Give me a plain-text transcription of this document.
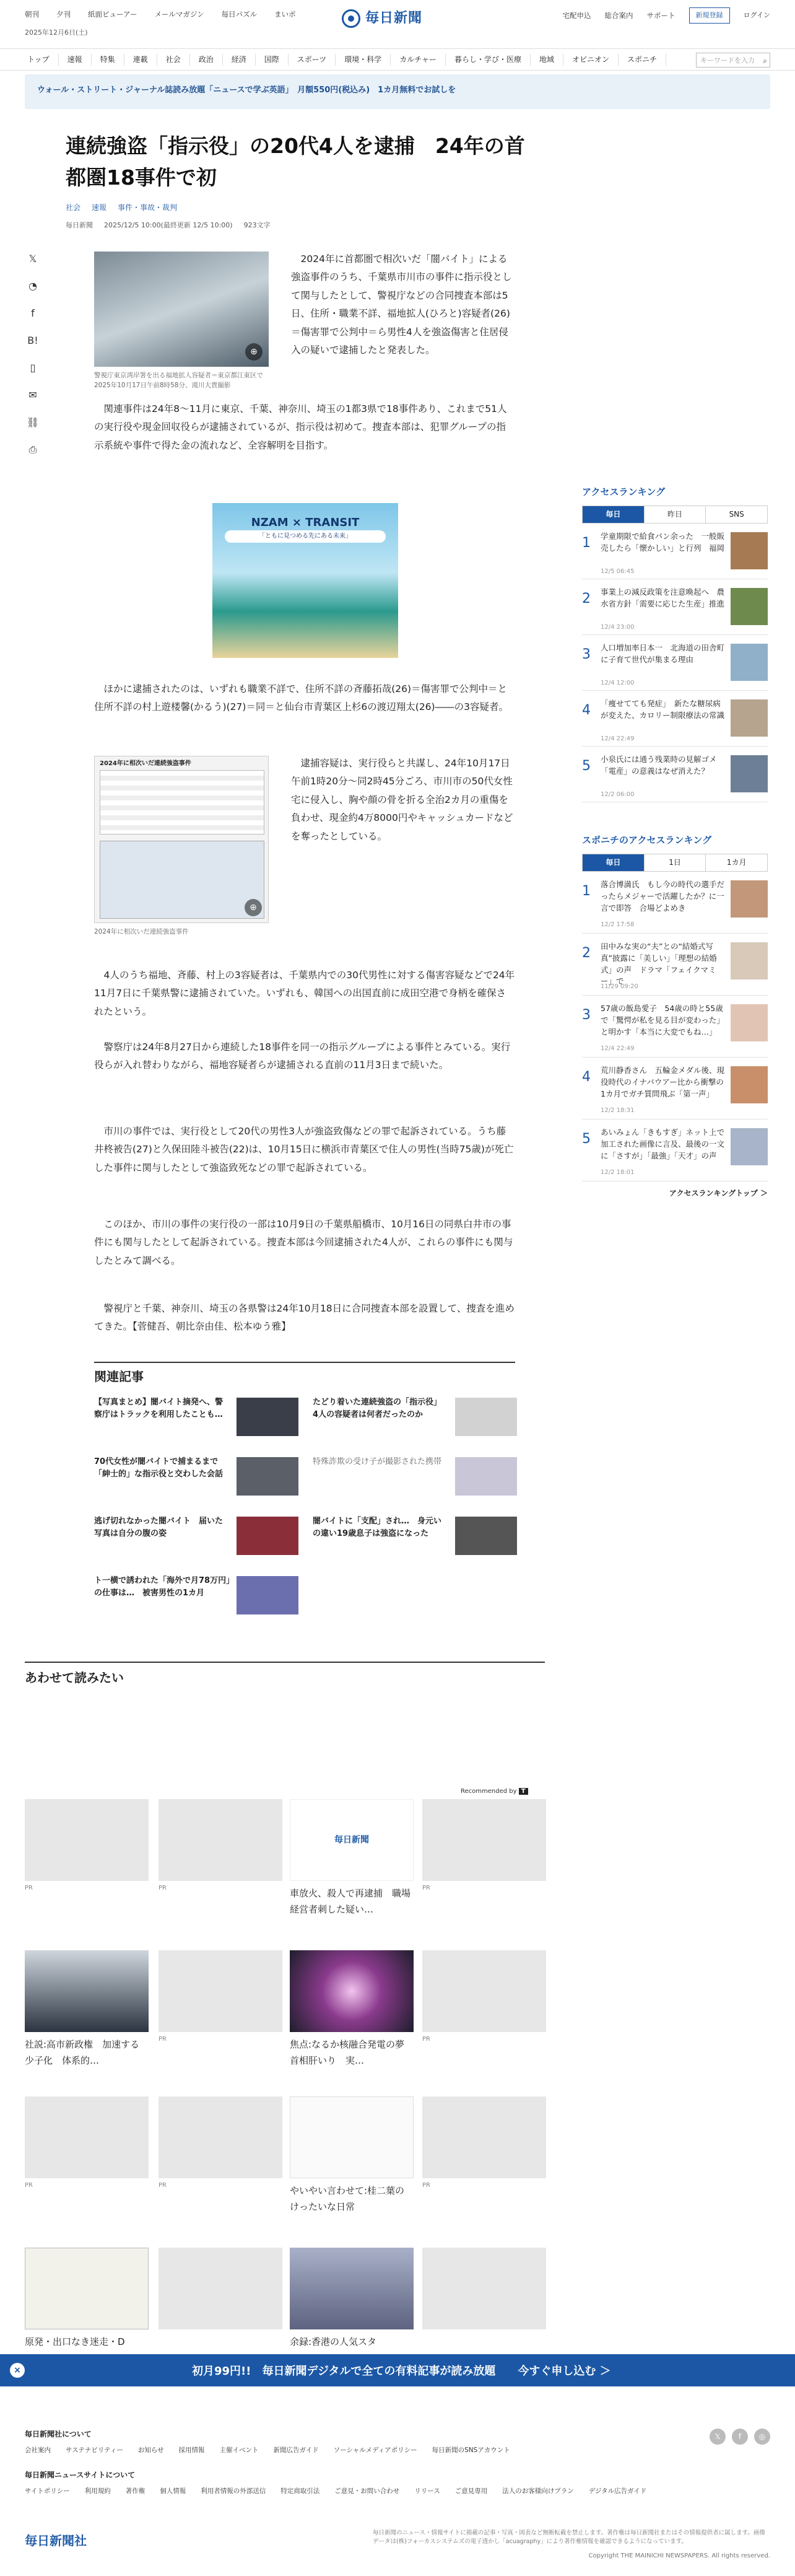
朝刊 夕刊 紙面ビューアー メールマガジン 毎日パズル まいポ
2025年12月6日(土)
毎日新聞	宅配申込 総合案内 サポート	新規登録	ログイン
トップ	速報	特集	連載	社会	政治	経済	国際	スポーツ	環境・科学	カルチャー	暮らし・学び・医療	地域	オピニオン	スポニチ	キーワードを入力 ⌕
ウォール・ストリート・ジャーナル誌読み放題「ニュースで学ぶ英語」　月額550円(税込み)　1カ月無料でお試しを
𝕏
◔
f
B!
▯
✉
⛓
⎙
連続強盗「指示役」の20代4人を逮捕　24年の首都圏18事件で初
社会 速報 事件・事故・裁判
毎日新聞 2025/12/5 10:00(最終更新 12/5 10:00) 923文字
⊕
警視庁東京湾岸署を出る福地拡人容疑者＝東京都江東区で2025年10月17日午前8時58分、滝川大貴撮影
　2024年に首都圏で相次いだ「闇バイト」による強盗事件のうち、千葉県市川市の事件に指示役として関与したとして、警視庁などの合同捜査本部は5日、住所・職業不詳、福地拡人(ひろと)容疑者(26)＝傷害罪で公判中＝ら男性4人を強盗傷害と住居侵入の疑いで逮捕したと発表した。
　関連事件は24年8～11月に東京、千葉、神奈川、埼玉の1都3県で18事件あり、これまで51人の実行役や現金回収役らが逮捕されているが、指示役は初めて。捜査本部は、犯罪グループの指示系統や事件で得た金の流れなど、全容解明を目指す。
NZAM × TRANSIT
「ともに見つめる先にある未来」
　ほかに逮捕されたのは、いずれも職業不詳で、住所不詳の斉藤拓哉(26)＝傷害罪で公判中＝と住所不詳の村上遊楼馨(かるう)(27)＝同＝と仙台市青葉区上杉6の渡辺翔太(26)――の3容疑者。
2024年に相次いだ連続強盗事件
⊕
2024年に相次いだ連続強盗事件
　逮捕容疑は、実行役らと共謀し、24年10月17日午前1時20分～同2時45分ごろ、市川市の50代女性宅に侵入し、胸や顔の骨を折る全治2カ月の重傷を負わせ、現金約4万8000円やキャッシュカードなどを奪ったとしている。
　4人のうち福地、斉藤、村上の3容疑者は、千葉県内での30代男性に対する傷害容疑などで24年11月7日に千葉県警に逮捕されていた。いずれも、韓国への出国直前に成田空港で身柄を確保されたという。
　警察庁は24年8月27日から連続した18事件を同一の指示グループによる事件とみている。実行役らが入れ替わりながら、福地容疑者らが逮捕される直前の11月3日まで続いた。
　市川の事件では、実行役として20代の男性3人が強盗致傷などの罪で起訴されている。うち藤井柊被告(27)と久保田陸斗被告(22)は、10月15日に横浜市青葉区で住人の男性(当時75歳)が死亡した事件に関与したとして強盗致死などの罪で起訴されている。
　このほか、市川の事件の実行役の一部は10月9日の千葉県船橋市、10月16日の同県白井市の事件にも関与したとして起訴されている。捜査本部は今回逮捕された4人が、これらの事件にも関与したとみて調べる。
　警視庁と千葉、神奈川、埼玉の各県警は24年10月18日に合同捜査本部を設置して、捜査を進めてきた。【菅健吾、朝比奈由佳、松本ゆう雅】
関連記事
【写真まとめ】闇バイト摘発へ、警察庁はトラックを利用したことも…
たどり着いた連続強盗の「指示役」　4人の容疑者は何者だったのか
70代女性が闇バイトで捕まるまで　「紳士的」な指示役と交わした会話
特殊詐欺の受け子が撮影された携帯
逃げ切れなかった闇バイト　届いた写真は自分の腹の姿
闇バイトに「支配」され…　身元いの違い19歳息子は強盗になった
ト一横で誘われた「海外で月78万円」の仕事は…　被害男性の1カ月
あわせて読みたい
Recommended by T
PR	PR
毎日新聞
車放火、殺人で再逮捕　職場経営者刺した疑い…
PR
社説:高市新政権　加速する少子化　体系的…
PR	焦点:なるか核融合発電の夢　首相肝いり　実…
PR
PR	PR	やいやい言わせて:桂二葉のけったいな日常
PR
原発・出口なき迷走・D	余録:香港の人気スタ
アクセスランキング
毎日	昨日	SNS
1 学童期限で給食パン余った　一般販売したら「懐かしい」と行列　福岡
12/5 06:45
2 事業上の減反政策を注意喚起へ　農水省方針「需要に応じた生産」推進
12/4 23:00
3 人口増加率日本一　北海道の田舎町に子育て世代が集まる理由
12/4 12:00
4 「痩せてても発症」　新たな糖尿病が変えた、カロリー制限療法の常識
12/4 22:49
5 小泉氏には通う残業時の見解ゴメ「電産」の意義はなぜ消えた？
12/2 06:00
スポニチのアクセスランキング
毎日	1日	1カ月
1 落合博満氏　もし今の時代の選手だったらメジャーで活躍したか？に一言で即答　合場どよめき
12/2 17:58
2 田中みな実の“夫”との“結婚式写真”披露に「美しい」「理想の結婚式」の声　ドラマ「フェイクマミー」で
11/29 09:20
3 57歳の飯島愛子　54歳の時と55歳で「驚愕が私を見る目が変わった」と明かす「本当に大変でもね…」
12/4 22:49
4 荒川静香さん　五輪金メダル後、現役時代のイナバウアー比から衝撃の1カ月でガチ質問飛ぶ「第一声」
12/2 18:31
5 あいみょん「きもすぎ」ネット上で加工された画像に言及、最後の一文に「さすが」「最強」「天才」の声
12/2 18:01
アクセスランキングトップ ＞
×	初月99円!!　毎日新聞デジタルで全ての有料記事が読み放題　　今すぐ申し込む ＞
𝕏	f	◎
毎日新聞社について
会社案内 サステナビリティー お知らせ 採用情報 主催イベント 新聞広告ガイド ソーシャルメディアポリシー 毎日新聞のSNSアカウント
毎日新聞ニュースサイトについて
サイトポリシー 利用規約 著作権 個人情報 利用者情報の外部送信 特定商取引法 ご意見・お問い合わせ リリース ご意見専用 法人のお客様向けプラン デジタル広告ガイド
毎日新聞社
毎日新聞のニュース・情報サイトに掲載の記事・写真・図表など無断転載を禁止します。著作権は毎日新聞社またはその情報提供者に属します。画像データは(株)フォーカスシステムズの電子透かし「acuagraphy」により著作権情報を確認できるようになっています。
Copyright THE MAINICHI NEWSPAPERS. All rights reserved.
